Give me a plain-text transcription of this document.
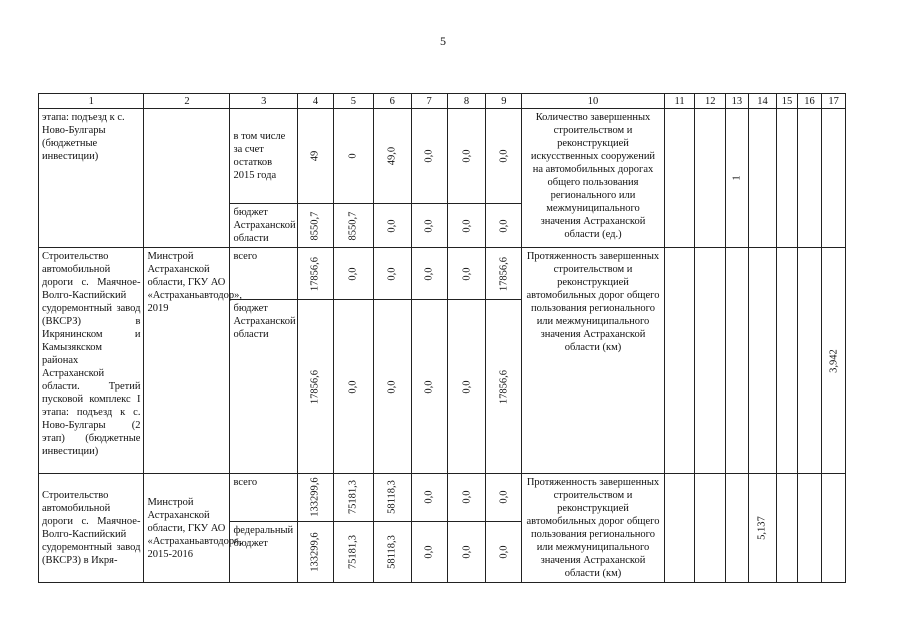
5
1	2	3	4	5	6	7	8	9	10	11	12	13	14	15	16	17
этапа: подъезд к с. Ново-Булгары (бюджетные инвестиции)		в том числе за счет остатков 2015 года	49	0	49,0	0,0	0,0	0,0	Количество завершенных строительством и реконструкцией искусственных сооружений на автомобильных дорогах общего пользования регионального или межмуниципального значения Астраханской области (ед.)			1				

		бюджет Астраханской области	8550,7	8550,7	0,0	0,0	0,0	0,0								

Строительство автомобильной дороги с. Маячное-Волго-Каспийский судоремонтный завод (ВКСРЗ) в Икрянинском и Камызякском районах Астраханской области. Третий пусковой комплекс I этапа: подъезд к с. Ново-Булгары (2 этап) (бюджетные инвестиции)	Минстрой Астраханской области, ГКУ АО «Астраханьавтодор», 2019	всего	17856,6	0,0	0,0	0,0	0,0	17856,6	Протяженность завершенных строительством и реконструкцией автомобильных дорог общего пользования регионального или межмуниципального значения Астраханской области (км)							3,942

		бюджет Астраханской области	17856,6	0,0	0,0	0,0	0,0	17856,6								

Строительство автомобильной дороги с. Маячное-Волго-Каспийский судоремонтный завод (ВКСРЗ) в Икря-	Минстрой Астраханской области, ГКУ АО «Астраханьавтодор», 2015-2016	всего	133299,6	75181,3	58118,3	0,0	0,0	0,0	Протяженность завершенных строительством и реконструкцией автомобильных дорог общего пользования регионального или межмуниципального значения Астраханской области (км)				5,137			

		федеральный бюджет	133299,6	75181,3	58118,3	0,0	0,0	0,0								
